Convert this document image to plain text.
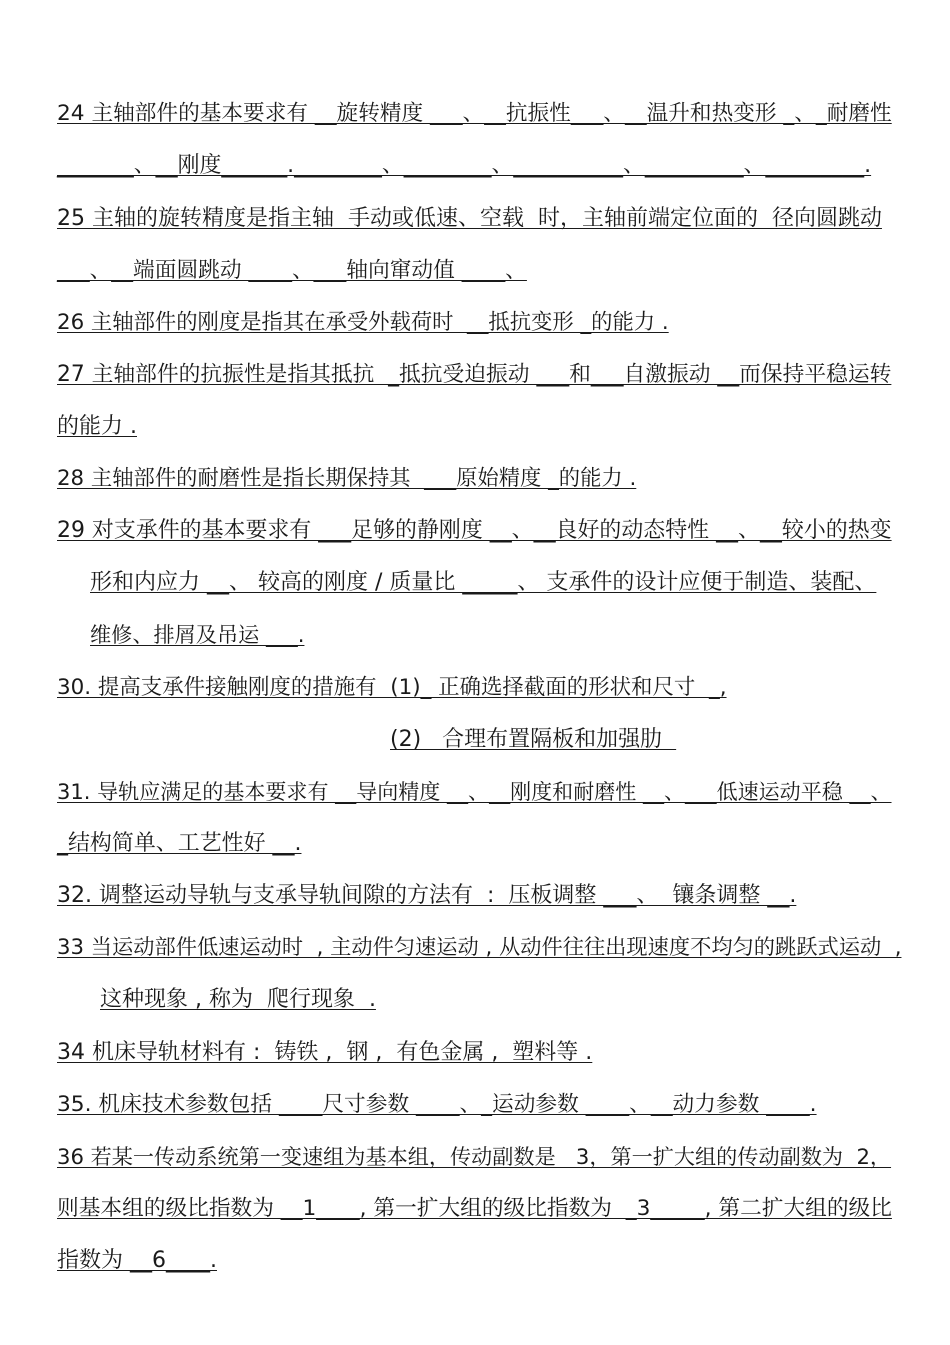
24 主轴部件的基本要求有 __旋转精度 ___、__抗振性___、__温升和热变形 _、_耐磨性
_______、__刚度______.________、________、__________、_________、_________.
25 主轴的旋转精度是指主轴  手动或低速、空载  时，主轴前端定位面的  径向圆跳动
___、__端面圆跳动 ____、___轴向窜动值 ____、
26 主轴部件的刚度是指其在承受外载荷时  __抵抗变形 _的能力 .
27 主轴部件的抗振性是指其抵抗  _抵抗受迫振动 ___和___自激振动 __而保持平稳运转
的能力 .
28 主轴部件的耐磨性是指长期保持其  ___原始精度 _的能力 .
29 对支承件的基本要求有 ___足够的静刚度 __、__良好的动态特性 __、__较小的热变
形和内应力 __、 较高的刚度 / 质量比 _____、 支承件的设计应便于制造、装配、
维修、排屑及吊运 ___.
30. 提高支承件接触刚度的措施有  (1)_ 正确选择截面的形状和尺寸  _,
(2)   合理布置隔板和加强肋
31. 导轨应满足的基本要求有 __导向精度 __、__刚度和耐磨性 __、___低速运动平稳 __、
_结构简单、工艺性好 __.
32. 调整运动导轨与支承导轨间隙的方法有  :  压板调整 ___、  镶条调整 __.
33 当运动部件低速运动时  , 主动件匀速运动 , 从动件往往出现速度不均匀的跳跃式运动  ,
这种现象 , 称为  爬行现象  .
34 机床导轨材料有 :  铸铁 ,  钢 ,  有色金属 ,  塑料等 .
35. 机床技术参数包括 ____尺寸参数 ____、_运动参数 ____、__动力参数 ____.
36 若某一传动系统第一变速组为基本组，传动副数是   3，第一扩大组的传动副数为  2，
则基本组的级比指数为 __1____, 第一扩大组的级比指数为  _3_____, 第二扩大组的级比
指数为 __6____.
